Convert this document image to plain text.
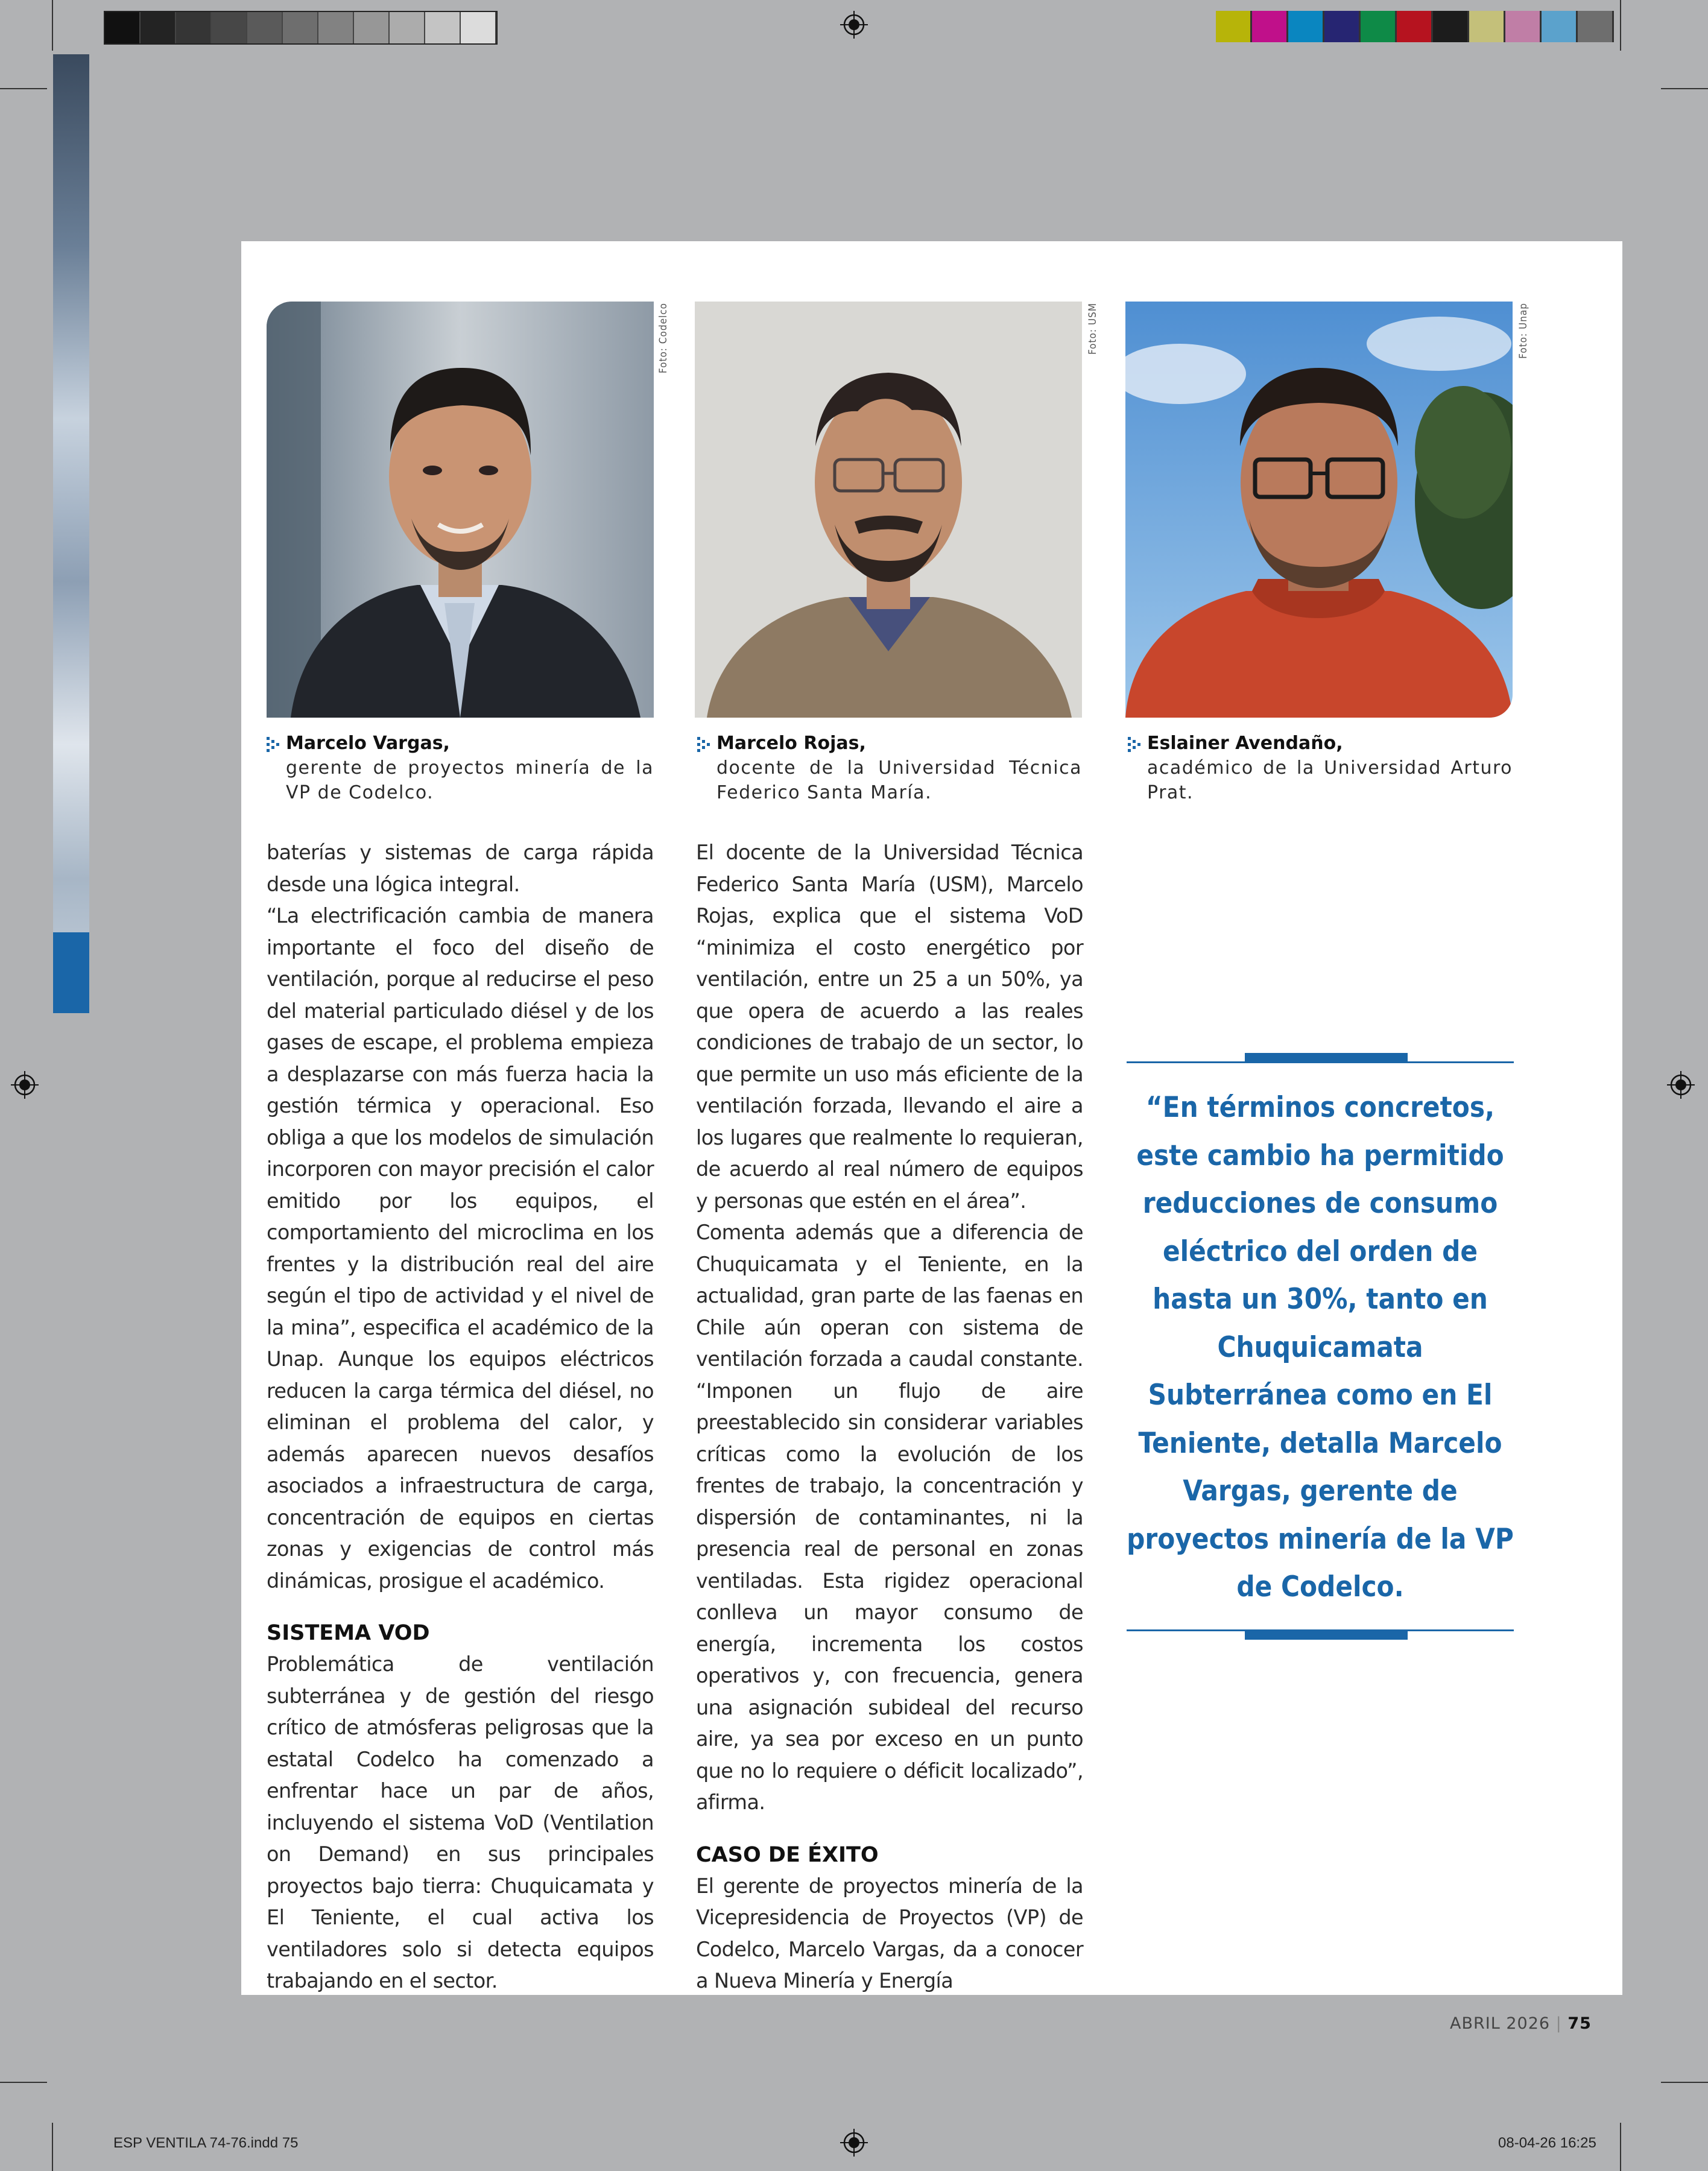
Foto: Codelco	Foto: USM	Foto: Unap
Marcelo Vargas,
gerente de proyectos minería de la VP de Codelco.
Marcelo Rojas,
docente de la Universidad Técnica Federico Santa María.
Eslainer Avendaño,
académico de la Universidad Arturo Prat.

baterías y sistemas de carga rápida desde una lógica integral.

“La electrificación cambia de manera importante el foco del diseño de ventilación, porque al reducirse el peso del material particulado diésel y de los gases de escape, el problema empieza a desplazarse con más fuerza hacia la gestión térmica y operacional. Eso obliga a que los modelos de simulación incorporen con mayor precisión el calor emitido por los equipos, el comportamiento del microclima en los frentes y la distribución real del aire según el tipo de actividad y el nivel de la mina”, especifica el académico de la Unap. Aunque los equipos eléctricos reducen la carga térmica del diésel, no eliminan el problema del calor, y además aparecen nuevos desafíos asociados a infraestructura de carga, concentración de equipos en ciertas zonas y exigencias de control más dinámicas, prosigue el académico.

SISTEMA VOD

Problemática de ventilación subterránea y de gestión del riesgo crítico de atmósferas peligrosas que la estatal Codelco ha comenzado a enfrentar hace un par de años, incluyendo el sistema VoD (Ventilation on Demand) en sus principales proyectos bajo tierra: Chuquicamata y El Teniente, el cual activa los ventiladores solo si detecta equipos trabajando en el sector.

El docente de la Universidad Técnica Federico Santa María (USM), Marcelo Rojas, explica que el sistema VoD “minimiza el costo energético por ventilación, entre un 25 a un 50%, ya que opera de acuerdo a las reales condiciones de trabajo de un sector, lo que permite un uso más eficiente de la ventilación forzada, llevando el aire a los lugares que realmente lo requieran, de acuerdo al real número de equipos y personas que estén en el área”.

Comenta además que a diferencia de Chuquicamata y el Teniente, en la actualidad, gran parte de las faenas en Chile aún operan con sistema de ventilación forzada a caudal constante. “Imponen un flujo de aire preestablecido sin considerar variables críticas como la evolución de los frentes de trabajo, la concentración y dispersión de contaminantes, ni la presencia real de personal en zonas ventiladas. Esta rigidez operacional conlleva un mayor consumo de energía, incrementa los costos operativos y, con frecuencia, genera una asignación subideal del recurso aire, ya sea por exceso en un punto que no lo requiere o déficit localizado”, afirma.

CASO DE ÉXITO

El gerente de proyectos minería de la Vicepresidencia de Proyectos (VP) de Codelco, Marcelo Vargas, da a conocer a Nueva Minería y Energía

“En términos concretos, este cambio ha permitido reducciones de consumo eléctrico del orden de hasta un 30%, tanto en Chuquicamata Subterránea como en El Teniente, detalla Marcelo Vargas, gerente de proyectos minería de la VP de Codelco.
ABRIL 2026 | 75
ESP VENTILA 74-76.indd 75	08-04-26 16:25
